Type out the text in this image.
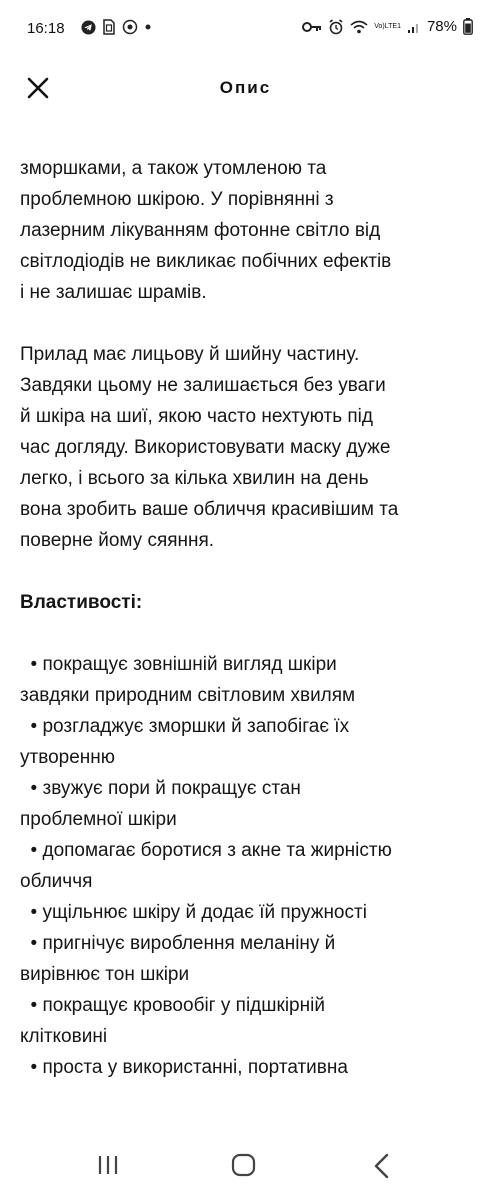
16:18	Vo) LTE1 78%
Опис

зморшками, а також утомленою та

проблемною шкірою. У порівнянні з

лазерним лікуванням фотонне світло від

світлодіодів не викликає побічних ефектів

і не залишає шрамів.

Прилад має лицьову й шийну частину.

Завдяки цьому не залишається без уваги

й шкіра на шиї, якою часто нехтують під

час догляду. Використовувати маску дуже

легко, і всього за кілька хвилин на день

вона зробить ваше обличчя красивішим та

поверне йому сяяння.

Властивості:

• покращує зовнішній вигляд шкіри

завдяки природним світловим хвилям

• розгладжує зморшки й запобігає їх

утворенню

• звужує пори й покращує стан

проблемної шкіри

• допомагає боротися з акне та жирністю

обличчя

• ущільнює шкіру й додає їй пружності

• пригнічує вироблення меланіну й

вирівнює тон шкіри

• покращує кровообіг у підшкірній

клітковині

• проста у використанні, портативна
